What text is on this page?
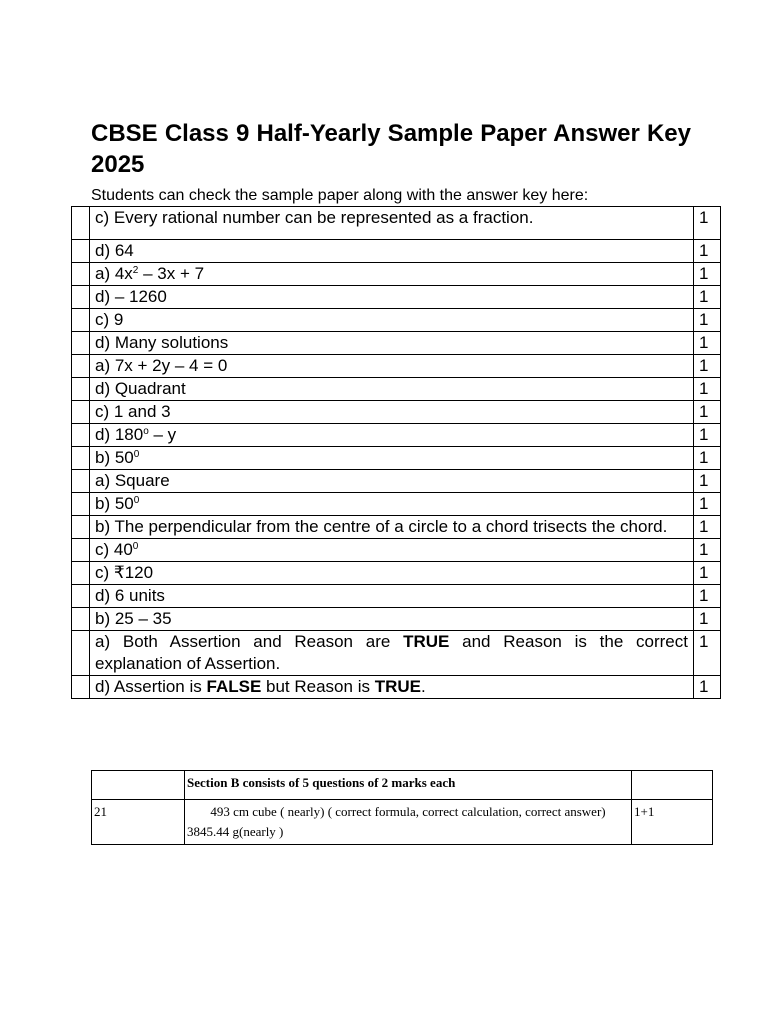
CBSE Class 9 Half-Yearly Sample Paper Answer Key 2025
Students can check the sample paper along with the answer key here:
	c) Every rational number can be represented as a fraction.	1
	d) 64	1
	a) $4x^2 - 3x + 7$	1
	d) – 1260	1
	c) 9	1
	d) Many solutions	1
	a) 7x + 2y – 4 = 0	1
	d) Quadrant	1
	c) 1 and 3	1
	d) 180$^o$ – y	1
	b) $50^0$	1
	a) Square	1
	b) $50^0$	1
	b) The perpendicular from the centre of a circle to a chord trisects the chord.	1
	c) $40^0$	1
	c) ₹120	1
	d) 6 units	1
	b) 25 – 35	1
	a) Both Assertion and Reason are TRUE and Reason is the correct explanation of Assertion.	1
	d) Assertion is FALSE but Reason is TRUE.	1
	Section B consists of 5 questions of 2 marks each	
21	493 cm cube ( nearly) ( correct formula, correct calculation, correct answer)
3845.44 g(nearly )	1+1
